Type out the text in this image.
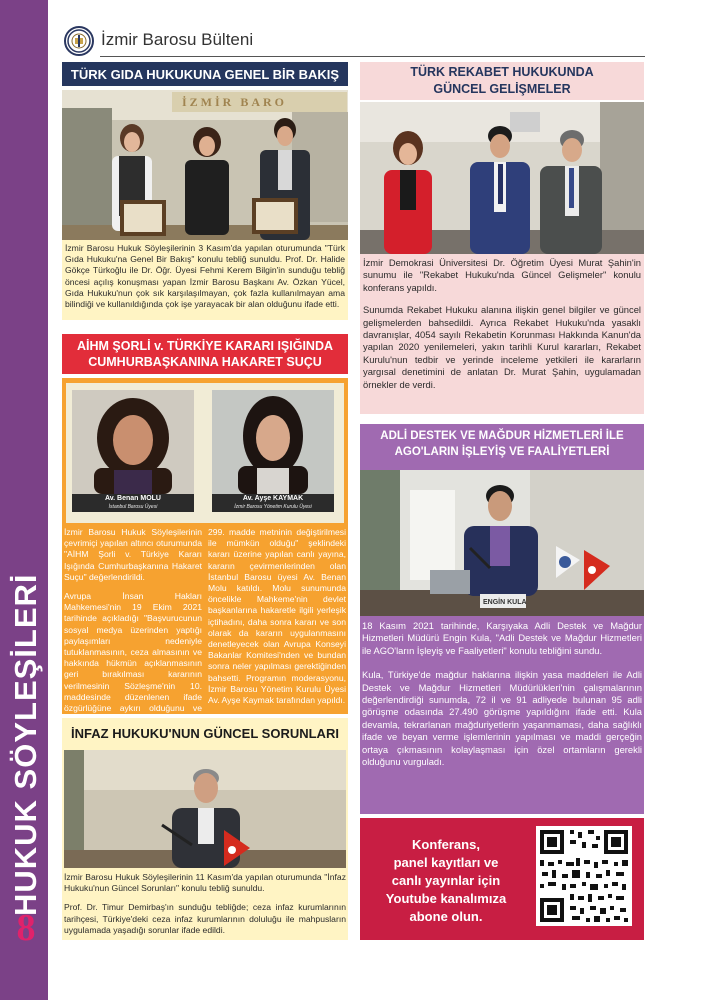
HUKUK SÖYLEŞİLERİ
8
İzmir Barosu Bülteni
TÜRK GIDA HUKUKUNA GENEL BİR BAKIŞ
İZMİR BARO
İzmir Barosu Hukuk Söyleşilerinin 3 Kasım'da yapılan oturumunda "Türk Gıda Hukuku'na Genel Bir Bakış" konulu tebliğ sunuldu. Prof. Dr. Halide Gökçe Türkoğlu ile Dr. Öğr. Üyesi Fehmi Kerem Bilgin'in sunduğu tebliğ öncesi açılış konuşması yapan İzmir Barosu Başkanı Av. Özkan Yücel, Gıda Hukuku'nun çok sık karşılaşılmayan, çok fazla kullanılmayan ama bilindiği ve kullanıldığında çok işe yarayacak bir alan olduğunu ifade etti.
TÜRK REKABET HUKUKUNDA
GÜNCEL GELİŞMELER
İzmir Demokrasi Üniversitesi Dr. Öğretim Üyesi Murat Şahin'in sunumu ile "Rekabet Hukuku'nda Güncel Gelişmeler" konulu konferans yapıldı.
Sunumda Rekabet Hukuku alanına ilişkin genel bilgiler ve güncel gelişmelerden bahsedildi. Ayrıca Rekabet Hukuku'nda yasaklı davranışlar, 4054 sayılı Rekabetin Korunması Hakkında Kanun'da yapılan 2020 yenilemeleri, yakın tarihli Kurul kararları, Rekabet Kurulu'nun tedbir ve yerinde inceleme yetkileri ile kararların yargısal denetimini de anlatan Dr. Murat Şahin, uygulamadan örnekler de verdi.
AİHM ŞORLİ v. TÜRKİYE KARARI IŞIĞINDA
CUMHURBAŞKANINA HAKARET SUÇU
Av. Benan MOLU
İstanbul Barosu Üyesi
Av. Ayşe KAYMAK
İzmir Barosu Yönetim Kurulu Üyesi
İzmir Barosu Hukuk Söyleşilerinin çevrimiçi yapılan altıncı oturumunda "AİHM Şorli v. Türkiye Kararı Işığında Cumhurbaşkanına Hakaret Suçu" değerlendirildi.
Avrupa İnsan Hakları Mahkemesi'nin 19 Ekim 2021 tarihinde açıkladığı "Başvurucunun sosyal medya üzerinden yaptığı paylaşımları nedeniyle tutuklanmasının, ceza almasının ve hakkında hükmün açıklanmasının geri bırakılması kararının verilmesinin Sözleşme'nin 10. maddesinde düzenlenen ifade özgürlüğüne aykırı olduğunu ve
299. madde metninin değiştirilmesi ile mümkün olduğu" şeklindeki kararı üzerine yapılan canlı yayına, kararın çevirmenlerinden olan İstanbul Barosu üyesi Av. Benan Molu katıldı. Molu sunumunda öncelikle Mahkeme'nin devlet başkanlarına hakaretle ilgili yerleşik içtihadını, daha sonra kararı ve son olarak da kararın uygulanmasını denetleyecek olan Avrupa Konseyi Bakanlar Komitesi'nden ve bundan sonra neler yapılması gerektiğinden bahsetti. Programın moderasyonu, İzmir Barosu Yönetim Kurulu Üyesi Av. Ayşe Kaymak tarafından yapıldı.
ADLİ DESTEK VE MAĞDUR HİZMETLERİ İLE
AGO'LARIN İŞLEYİŞ VE FAALİYETLERİ
ENGİN KULA
18 Kasım 2021 tarihinde, Karşıyaka Adli Destek ve Mağdur Hizmetleri Müdürü Engin Kula, "Adli Destek ve Mağdur Hizmetleri ile AGO'ların İşleyiş ve Faaliyetleri" konulu tebliğini sundu.
Kula, Türkiye'de mağdur haklarına ilişkin yasa maddeleri ile Adli Destek ve Mağdur Hizmetleri Müdürlükleri'nin çalışmalarının değerlendirdiği sunumda, 72 il ve 91 adliyede bulunan 95 adli görüşme odasında 27.490 görüşme yapıldığını ifade etti. Kula devamla, tekrarlanan mağduriyetlerin yaşanmaması, daha sağlıklı ifade ve beyan verme işlemlerinin yapılması ve maddi gerçeğin ortaya çıkmasının kolaylaşması için özel ortamların gerekli olduğunu vurguladı.
İNFAZ HUKUKU'NUN GÜNCEL SORUNLARI
İzmir Barosu Hukuk Söyleşilerinin 11 Kasım'da yapılan oturumunda "İnfaz Hukuku'nun Güncel Sorunları" konulu tebliğ sunuldu.
Prof. Dr. Timur Demirbaş'ın sunduğu tebliğde; ceza infaz kurumlarının tarihçesi, Türkiye'deki ceza infaz kurumlarının doluluğu ile mahpusların uygulamada yaşadığı sorunlar ifade edildi.
Konferans,
panel kayıtları ve
canlı yayınlar için
Youtube kanalımıza
abone olun.
